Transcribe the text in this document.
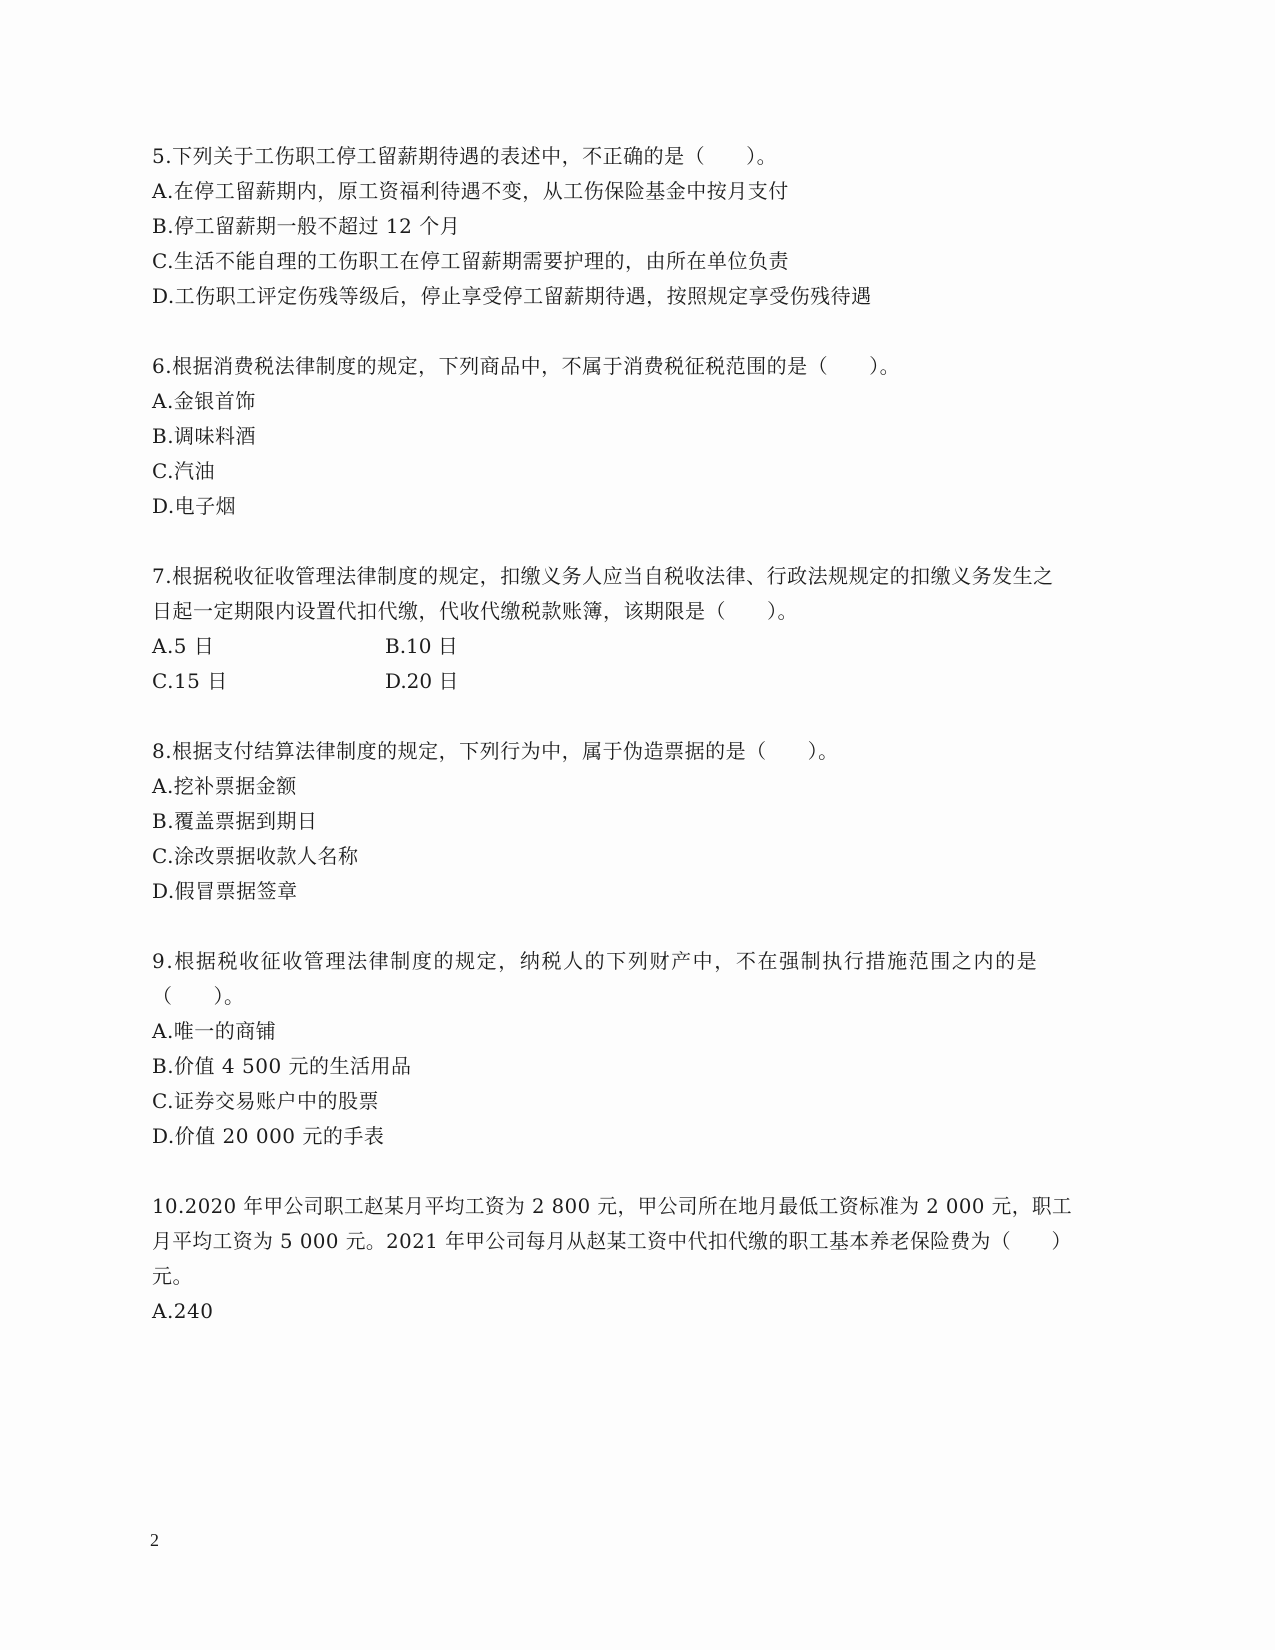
5.下列关于工伤职工停工留薪期待遇的表述中，不正确的是（　　）。

A.在停工留薪期内，原工资福利待遇不变，从工伤保险基金中按月支付

B.停工留薪期一般不超过 12 个月

C.生活不能自理的工伤职工在停工留薪期需要护理的，由所在单位负责

D.工伤职工评定伤残等级后，停止享受停工留薪期待遇，按照规定享受伤残待遇

6.根据消费税法律制度的规定，下列商品中，不属于消费税征税范围的是（　　）。

A.金银首饰

B.调味料酒

C.汽油

D.电子烟

7.根据税收征收管理法律制度的规定，扣缴义务人应当自税收法律、行政法规规定的扣缴义务发生之

日起一定期限内设置代扣代缴，代收代缴税款账簿，该期限是（　　）。

A.5 日	B.10 日

C.15 日	D.20 日

8.根据支付结算法律制度的规定，下列行为中，属于伪造票据的是（　　）。

A.挖补票据金额

B.覆盖票据到期日

C.涂改票据收款人名称

D.假冒票据签章

9.根据税收征收管理法律制度的规定，纳税人的下列财产中，不在强制执行措施范围之内的是

（　　）。

A.唯一的商铺

B.价值 4 500 元的生活用品

C.证券交易账户中的股票

D.价值 20 000 元的手表

10.2020 年甲公司职工赵某月平均工资为 2 800 元，甲公司所在地月最低工资标准为 2 000 元，职工

月平均工资为 5 000 元。2021 年甲公司每月从赵某工资中代扣代缴的职工基本养老保险费为（　　）

元。

A.240

2
